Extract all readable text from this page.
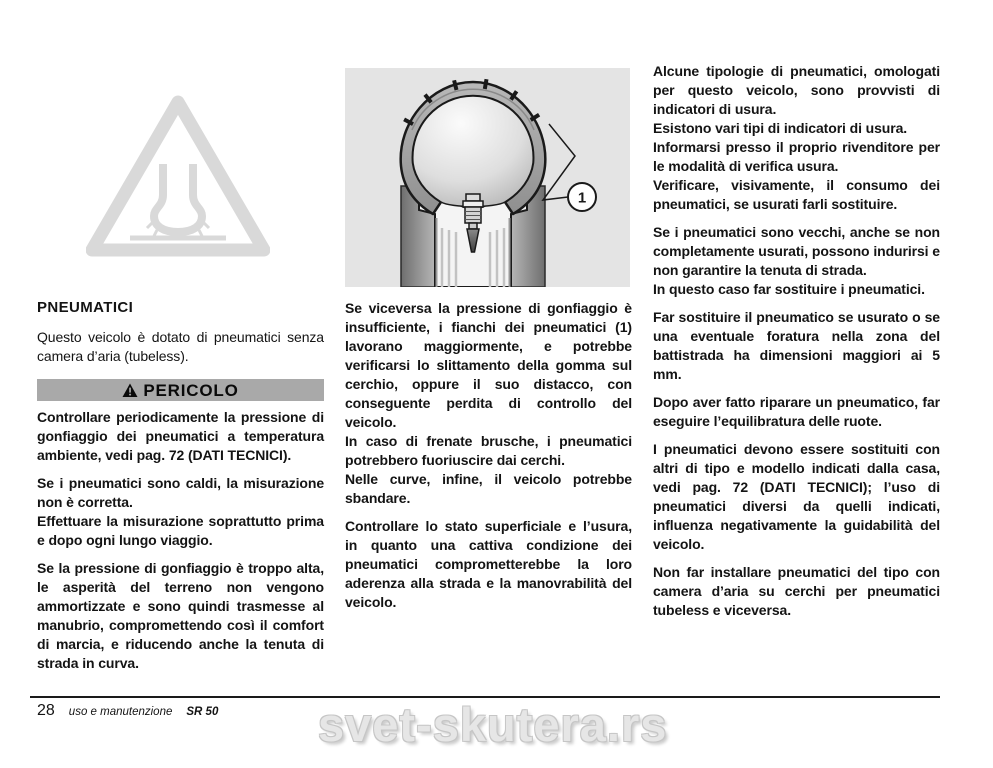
1
PNEUMATICI

Questo veicolo è dotato di pneumatici senza camera d’aria (tubeless).

PERICOLO
Controllare periodicamente la pressione di gonfiaggio dei pneumatici a temperatura ambiente, vedi pag. 72 (DATI TECNICI).
Se i pneumatici sono caldi, la misurazione non è corretta.
Effettuare la misurazione soprattutto prima e dopo ogni lungo viaggio.
Se la pressione di gonfiaggio è troppo alta, le asperità del terreno non vengono ammortizzate e sono quindi trasmesse al manubrio, compromettendo così il comfort di marcia, e riducendo anche la tenuta di strada in curva.
Se viceversa la pressione di gonfiaggio è insufficiente, i fianchi dei pneumatici (1) lavorano maggiormente, e potrebbe verificarsi lo slittamento della gomma sul cerchio, oppure il suo distacco, con conseguente perdita di controllo del veicolo.
In caso di frenate brusche, i pneumatici potrebbero fuoriuscire dai cerchi.
Nelle curve, infine, il veicolo potrebbe sbandare.
Controllare lo stato superficiale e l’usura, in quanto una cattiva condizione dei pneumatici comprometterebbe la loro aderenza alla strada e la manovrabilità del veicolo.
Alcune tipologie di pneumatici, omologati per questo veicolo, sono provvisti di indicatori di usura.
Esistono vari tipi di indicatori di usura.
Informarsi presso il proprio rivenditore per le modalità di verifica usura.
Verificare, visivamente, il consumo dei pneumatici, se usurati farli sostituire.
Se i pneumatici sono vecchi, anche se non completamente usurati, possono indurirsi e non garantire la tenuta di strada.
In questo caso far sostituire i pneumatici.
Far sostituire il pneumatico se usurato o se una eventuale foratura nella zona del battistrada ha dimensioni maggiori ai 5 mm.
Dopo aver fatto riparare un pneumatico, far eseguire l’equilibratura delle ruote.
I pneumatici devono essere sostituiti con altri di tipo e modello indicati dalla casa, vedi pag. 72 (DATI TECNICI); l’uso di pneumatici diversi da quelli indicati, influenza negativamente la guidabilità del veicolo.
Non far installare pneumatici del tipo con camera d’aria su cerchi per pneumatici tubeless e viceversa.
28 uso e manutenzione SR 50 svet-skutera.rs
